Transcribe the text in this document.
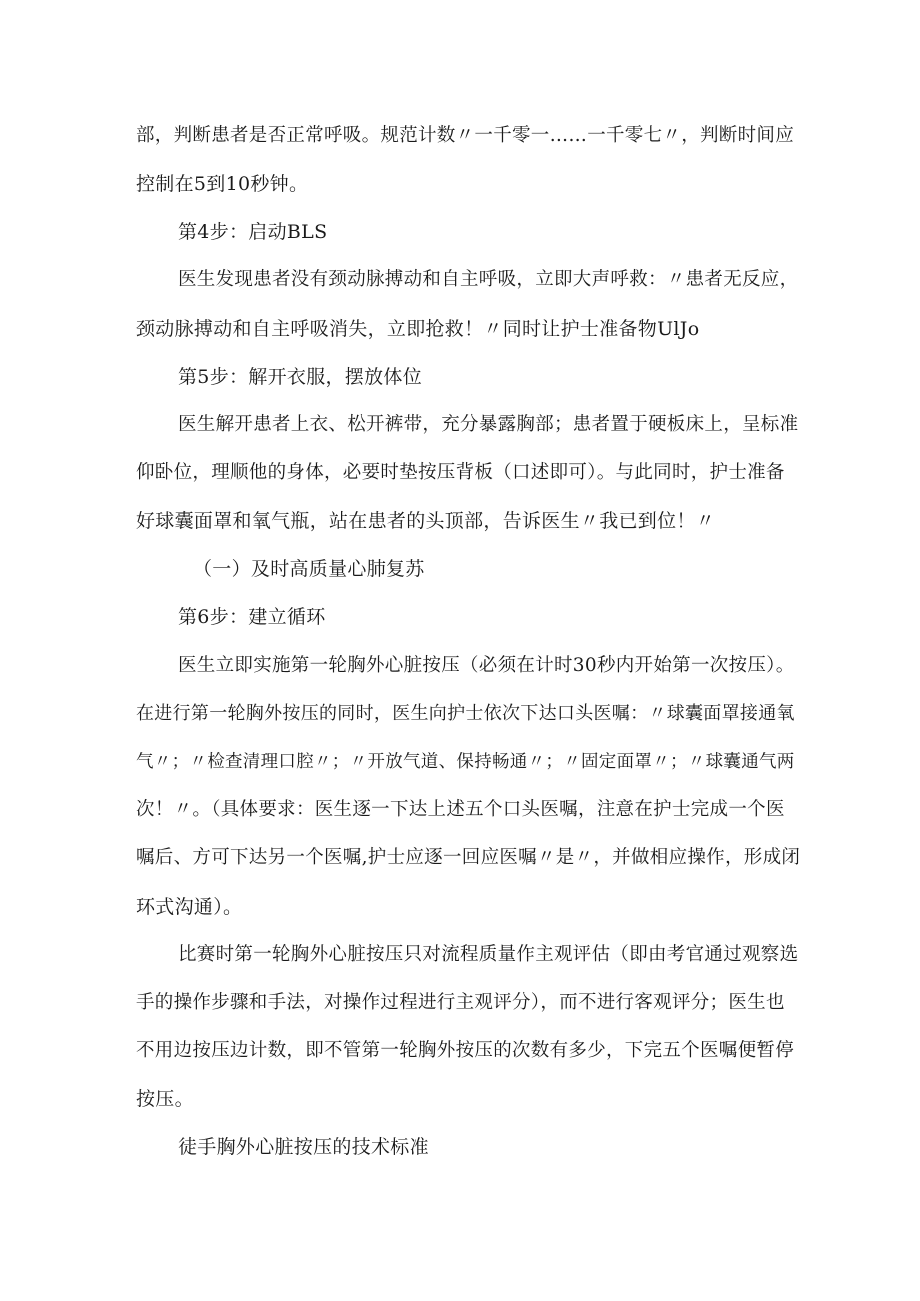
部，判断患者是否正常呼吸。规范计数〃一千零一……一千零七〃，判断时间应
控制在5到10秒钟。
第4步：启动BLS
医生发现患者没有颈动脉搏动和自主呼吸，立即大声呼救：〃患者无反应，
颈动脉搏动和自主呼吸消失，立即抢救！〃同时让护士准备物UlJo
第5步：解开衣服，摆放体位
医生解开患者上衣、松开裤带，充分暴露胸部；患者置于硬板床上，呈标准
仰卧位，理顺他的身体，必要时垫按压背板（口述即可）。与此同时，护士准备
好球囊面罩和氧气瓶，站在患者的头顶部，告诉医生〃我已到位！〃
（一）及时高质量心肺复苏
第6步：建立循环
医生立即实施第一轮胸外心脏按压（必须在计时30秒内开始第一次按压）。
在进行第一轮胸外按压的同时，医生向护士依次下达口头医嘱：〃球囊面罩接通氧
气〃；〃检查清理口腔〃；〃开放气道、保持畅通〃；〃固定面罩〃；〃球囊通气两
次！〃。（具体要求：医生逐一下达上述五个口头医嘱，注意在护士完成一个医
嘱后、方可下达另一个医嘱,护士应逐一回应医嘱〃是〃，并做相应操作，形成闭
环式沟通）。
比赛时第一轮胸外心脏按压只对流程质量作主观评估（即由考官通过观察选
手的操作步骤和手法，对操作过程进行主观评分），而不进行客观评分；医生也
不用边按压边计数，即不管第一轮胸外按压的次数有多少，下完五个医嘱便暂停
按压。
徒手胸外心脏按压的技术标准
